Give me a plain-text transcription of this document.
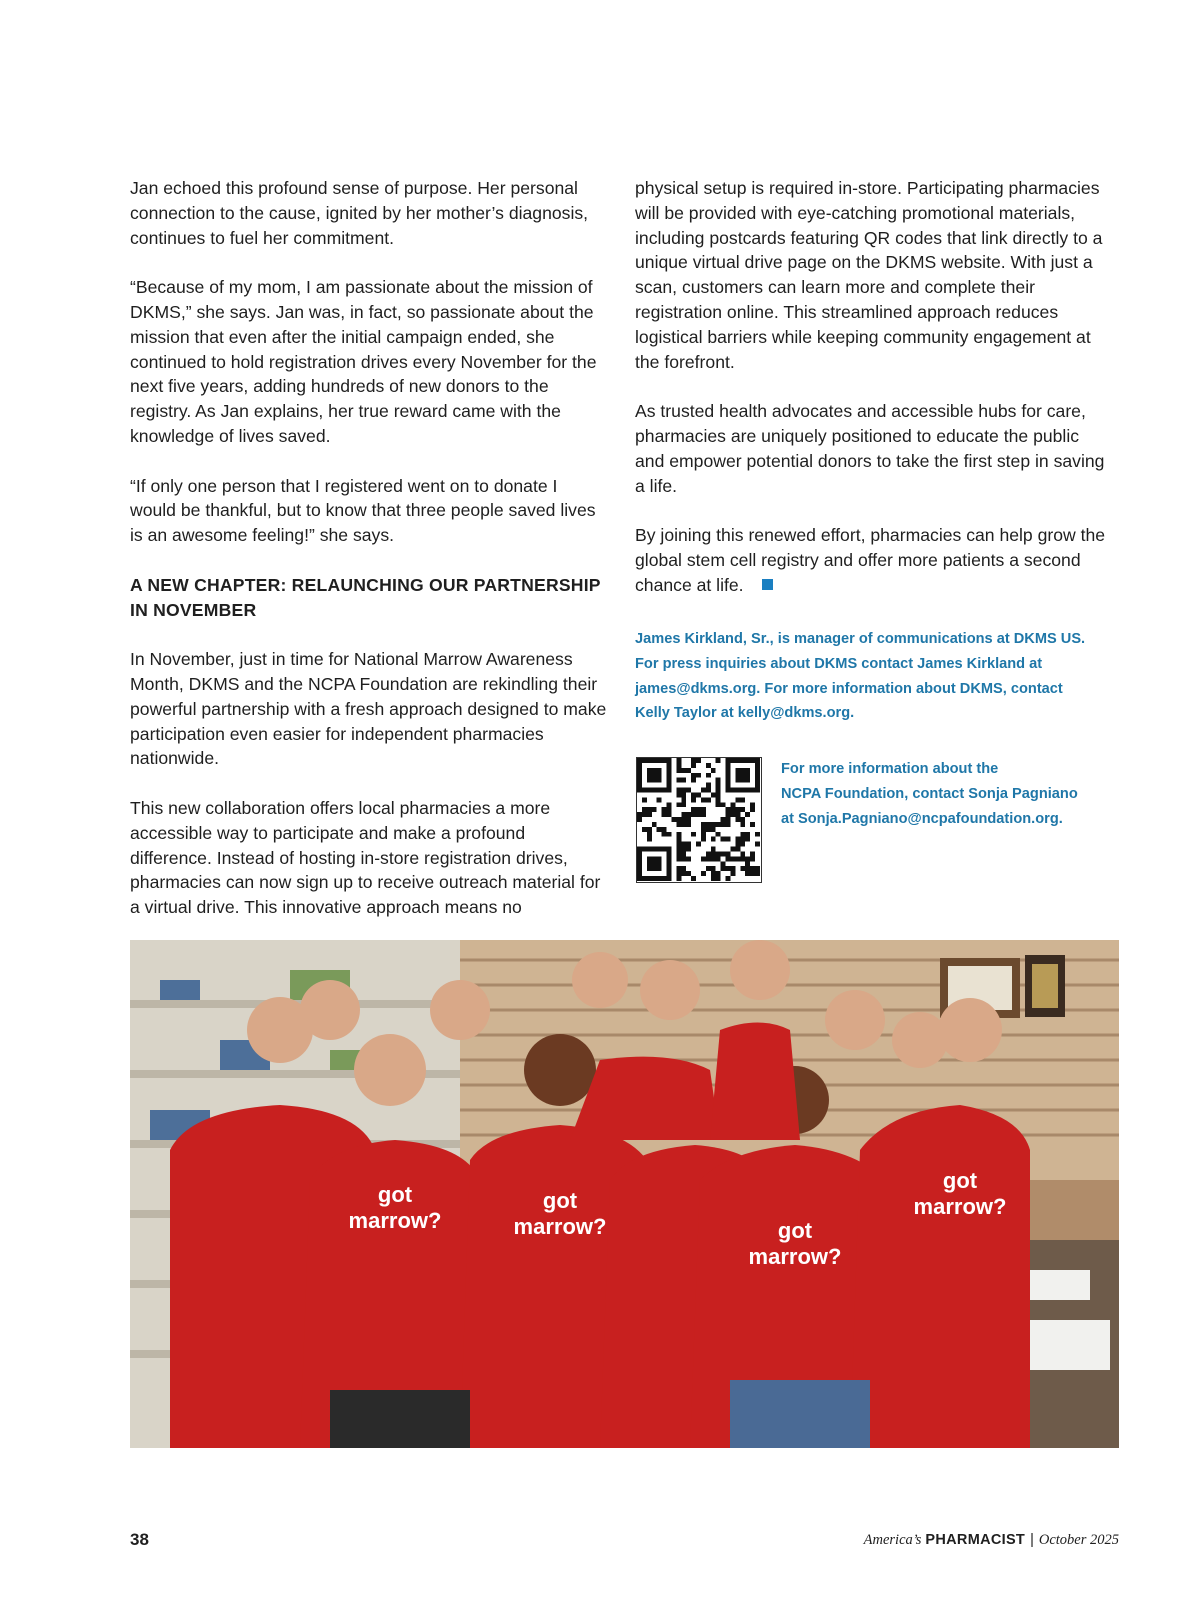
Jan echoed this profound sense of purpose. Her personal connection to the cause, ignited by her mother’s diagnosis, continues to fuel her commitment.

“Because of my mom, I am passionate about the mission of DKMS,” she says. Jan was, in fact, so passionate about the mission that even after the initial campaign ended, she continued to hold registration drives every November for the next five years, adding hundreds of new donors to the registry. As Jan explains, her true reward came with the knowledge of lives saved.

“If only one person that I registered went on to donate I would be thankful, but to know that three people saved lives is an awesome feeling!” she says.

A NEW CHAPTER: RELAUNCHING OUR PARTNERSHIP IN NOVEMBER

In November, just in time for National Marrow Awareness Month, DKMS and the NCPA Foundation are rekindling their powerful partnership with a fresh approach designed to make participation even easier for independent pharmacies nationwide.

This new collaboration offers local pharmacies a more accessible way to participate and make a profound difference. Instead of hosting in-store registration drives, pharmacies can now sign up to receive outreach material for a virtual drive. This innovative approach means no

physical setup is required in-store. Participating pharmacies will be provided with eye-catching promotional materials, including postcards featuring QR codes that link directly to a unique virtual drive page on the DKMS website. With just a scan, customers can learn more and complete their registration online. This streamlined approach reduces logistical barriers while keeping community engagement at the forefront.

As trusted health advocates and accessible hubs for care, pharmacies are uniquely positioned to educate the public and empower potential donors to take the first step in saving a life.

By joining this renewed effort, pharmacies can help grow the global stem cell registry and offer more patients a second chance at life.

James Kirkland, Sr., is manager of communications at DKMS US.

For press inquiries about DKMS contact James Kirkland at

james@dkms.org. For more information about DKMS, contact

Kelly Taylor at kelly@dkms.org.

For more information about the
NCPA Foundation, contact Sonja Pagniano
at Sonja.Pagniano@ncpafoundation.org.
got
marrow?
got
marrow?	got
marrow?
got
marrow?
38	America’s PHARMACIST | October 2025
